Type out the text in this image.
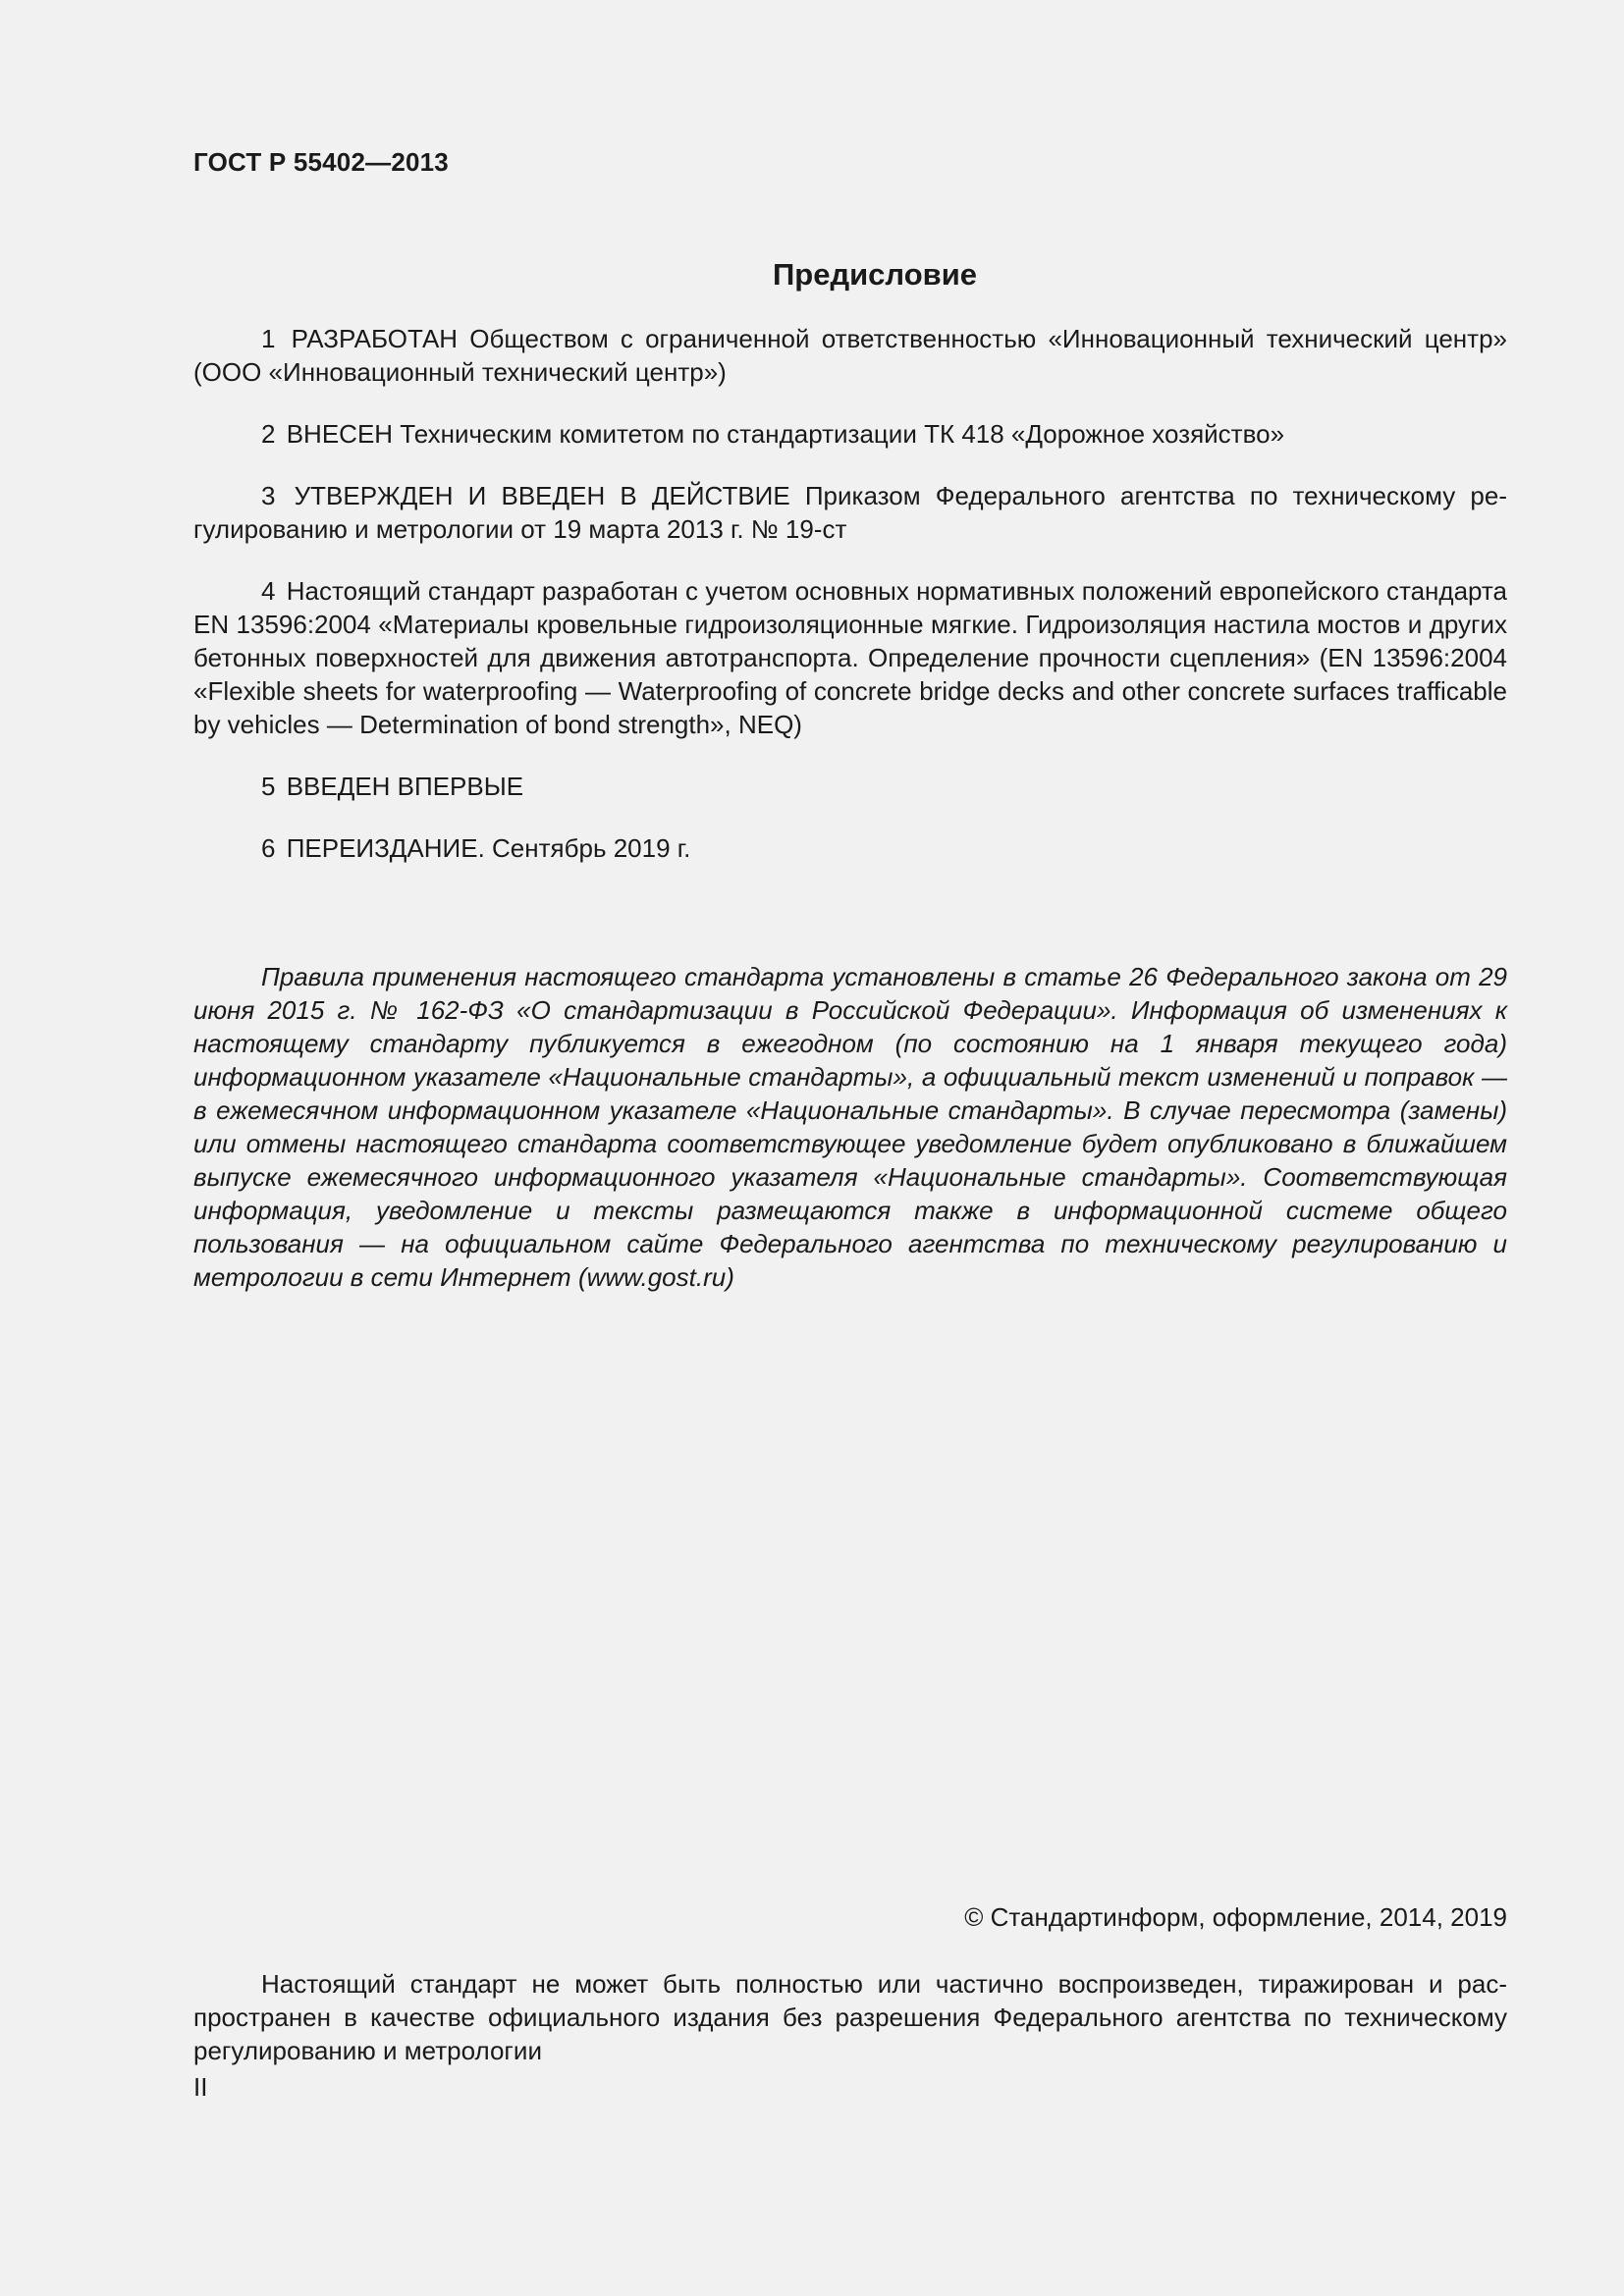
ГОСТ Р 55402—2013

Предисловие

1 РАЗРАБОТАН Обществом с ограниченной ответственностью «Инновационный технический центр» (ООО «Инновационный технический центр»)

2 ВНЕСЕН Техническим комитетом по стандартизации ТК 418 «Дорожное хозяйство»

3 УТВЕРЖДЕН И ВВЕДЕН В ДЕЙСТВИЕ Приказом Федерального агентства по техническому регулированию и метрологии от 19 марта 2013 г. № 19-ст

4 Настоящий стандарт разработан с учетом основных нормативных положений европейского стандарта EN 13596:2004 «Материалы кровельные гидроизоляционные мягкие. Гидроизоляция настила мостов и других бетонных поверхностей для движения автотранспорта. Определение прочности сцепления» (EN 13596:2004 «Flexible sheets for waterproofing — Waterproofing of concrete bridge decks and other concrete surfaces trafficable by vehicles — Determination of bond strength», NEQ)

5 ВВЕДЕН ВПЕРВЫЕ

6 ПЕРЕИЗДАНИЕ. Сентябрь 2019 г.

Правила применения настоящего стандарта установлены в статье 26 Федерального закона от 29 июня 2015 г. № 162-ФЗ «О стандартизации в Российской Федерации». Информация об изменениях к настоящему стандарту публикуется в ежегодном (по состоянию на 1 января текущего года) информационном указателе «Национальные стандарты», а официальный текст изменений и поправок — в ежемесячном информационном указателе «Национальные стандарты». В случае пересмотра (замены) или отмены настоящего стандарта соответствующее уведомление будет опубликовано в ближайшем выпуске ежемесячного информационного указателя «Национальные стандарты». Соответствующая информация, уведомление и тексты размещаются также в информационной системе общего пользования — на официальном сайте Федерального агентства по техническому регулированию и метрологии в сети Интернет (www.gost.ru)

© Стандартинформ, оформление, 2014, 2019

Настоящий стандарт не может быть полностью или частично воспроизведен, тиражирован и распространен в качестве официального издания без разрешения Федерального агентства по техническому регулированию и метрологии

II
